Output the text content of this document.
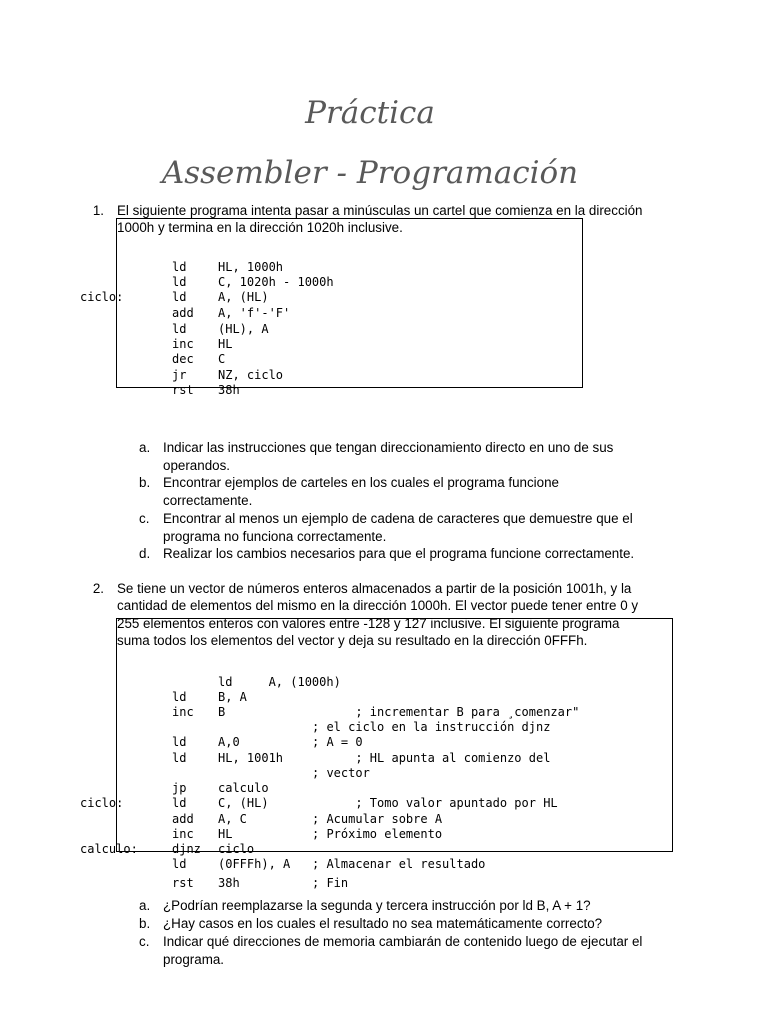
Práctica
Assembler - Programación
1. El siguiente programa intenta pasar a minúsculas un cartel que comienza en la dirección
1000h y termina en la dirección 1020h inclusive.
2. Se tiene un vector de números enteros almacenados a partir de la posición 1001h, y la
cantidad de elementos del mismo en la dirección 1000h. El vector puede tener entre 0 y
255 elementos enteros con valores entre -128 y 127 inclusive. El siguiente programa
suma todos los elementos del vector y deja su resultado en la dirección 0FFFh.
ld	HL, 1000h
ld	C, 1020h - 1000h
ciclo:	ld	A, (HL)
add A, 'f'-'F'
ld	(HL), A
inc HL
dec C
jr	NZ, ciclo
rst 38h
a. Indicar las instrucciones que tengan direccionamiento directo en uno de sus
operandos.
b. Encontrar ejemplos de carteles en los cuales el programa funcione
correctamente.
c. Encontrar al menos un ejemplo de cadena de caracteres que demuestre que el
programa no funciona correctamente.
d. Realizar los cambios necesarios para que el programa funcione correctamente.
ld     A, (1000h)
ld	B, A
inc B	; incrementar B para ¸comenzar"
; el ciclo en la instrucción djnz
ld	A,0	; A = 0
ld	HL, 1001h ; HL apunta al comienzo del
; vector
jp	calculo
ciclo:	ld	C, (HL)	; Tomo valor apuntado por HL
add A, C	; Acumular sobre A
inc HL	; Próximo elemento
calculo:	djnz ciclo
ld	(0FFFh), A ; Almacenar el resultado
rst 38h	; Fin
a. ¿Podrían reemplazarse la segunda y tercera instrucción por ld B, A + 1?
b. ¿Hay casos en los cuales el resultado no sea matemáticamente correcto?
c. Indicar qué direcciones de memoria cambiarán de contenido luego de ejecutar el
programa.
